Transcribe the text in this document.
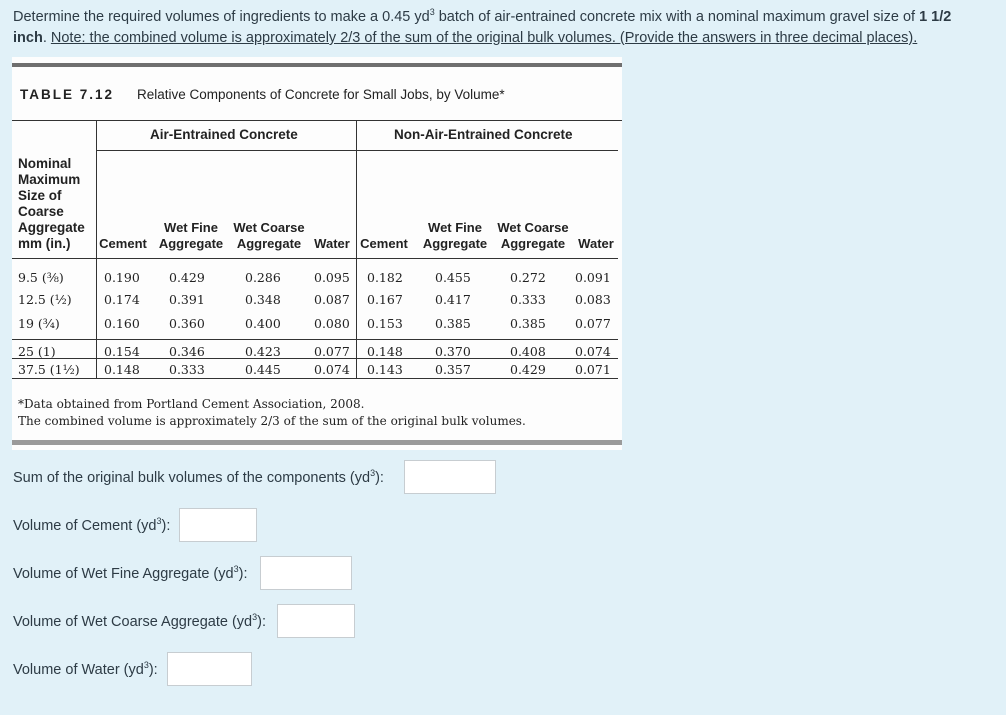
Determine the required volumes of ingredients to make a 0.45 $yd^3$ batch of air-entrained concrete mix with a nominal maximum gravel size of 1 1/2
inch. Note: the combined volume is approximately 2/3 of the sum of the original bulk volumes. (Provide the answers in three decimal places).
TABLE 7.12 Relative Components of Concrete for Small Jobs, by Volume*
Air-Entrained Concrete	Non-Air-Entrained Concrete
Nominal
Maximum
Size of
Coarse
Aggregate
mm (in.)	Cement
Wet Fine
Aggregate
Wet Coarse
Aggregate	Water Cement
Wet Fine
Aggregate
Wet Coarse
Aggregate	Water
9.5 (³⁄₈)	0.190 0.429	0.286	0.095 0.182	0.455	0.272 0.091
12.5 (¹⁄₂)	0.174 0.391	0.348	0.087 0.167	0.417	0.333 0.083
19 (³⁄₄)	0.160 0.360	0.400	0.080 0.153	0.385	0.385 0.077
25 (1)	0.154 0.346	0.423	0.077 0.148	0.370	0.408 0.074
37.5 (1¹⁄₂) 0.148 0.333	0.445	0.074 0.143	0.357	0.429 0.071
*Data obtained from Portland Cement Association, 2008.
The combined volume is approximately 2/3 of the sum of the original bulk volumes.
Sum of the original bulk volumes of the components $(yd^3)$:
Volume of Cement $(yd^3)$:
Volume of Wet Fine Aggregate $(yd^3)$:
Volume of Wet Coarse Aggregate $(yd^3)$:
Volume of Water $(yd^3)$:
